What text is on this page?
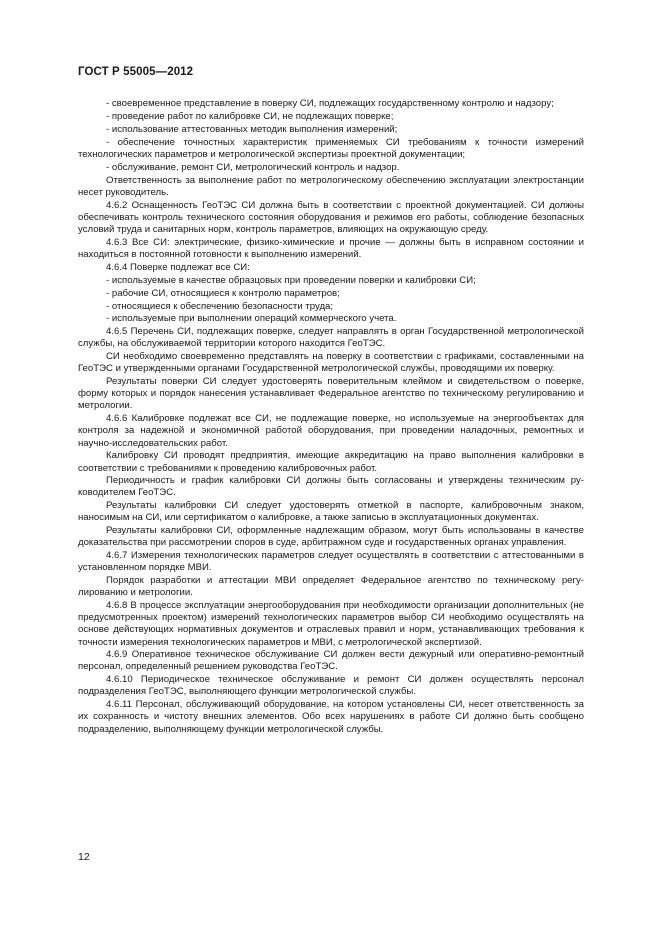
ГОСТ Р 55005—2012

- своевременное представление в поверку СИ, подлежащих государственному контролю и надзору;

- проведение работ по калибровке СИ, не подлежащих поверке;

- использование аттестованных методик выполнения измерений;

- обеспечение точностных характеристик применяемых СИ требованиям к точности измерений технологических параметров и метрологической экспертизы проектной документации;

- обслуживание, ремонт СИ, метрологический контроль и надзор.

Ответственность за выполнение работ по метрологическому обеспечению эксплуатации электростанции несет руководитель.

4.6.2 Оснащенность ГеоТЭС СИ должна быть в соответствии с проектной документацией. СИ должны обеспечивать контроль технического состояния оборудования и режимов его работы, соблюдение безопасных условий труда и санитарных норм, контроль параметров, влияющих на окружающую среду.

4.6.3 Все СИ: электрические, физико-химические и прочие — должны быть в исправном состоянии и находиться в постоянной готовности к выполнению измерений.

4.6.4 Поверке подлежат все СИ:

- используемые в качестве образцовых при проведении поверки и калибровки СИ;

- рабочие СИ, относящиеся к контролю параметров;

- относящиеся к обеспечению безопасности труда;

- используемые при выполнении операций коммерческого учета.

4.6.5 Перечень СИ, подлежащих поверке, следует направлять в орган Государственной метрологической службы, на обслуживаемой территории которого находится ГеоТЭС.

СИ необходимо своевременно представлять на поверку в соответствии с графиками, составленными на ГеоТЭС и утвержденными органами Государственной метрологической службы, проводящими их поверку.

Результаты поверки СИ следует удостоверять поверительным клеймом и свидетельством о поверке, форму которых и порядок нанесения устанавливает Федеральное агентство по техническому регулированию и метрологии.

4.6.6 Калибровке подлежат все СИ, не подлежащие поверке, но используемые на энергообъектах для контроля за надежной и экономичной работой оборудования, при проведении наладочных, ремонтных и научно-исследовательских работ.

Калибровку СИ проводят предприятия, имеющие аккредитацию на право выполнения калибровки в соответствии с требованиями к проведению калибровочных работ.

Периодичность и график калибровки СИ должны быть согласованы и утверждены техническим руководителем ГеоТЭС.

Результаты калибровки СИ следует удостоверять отметкой в паспорте, калибровочным знаком, наносимым на СИ, или сертификатом о калибровке, а также записью в эксплуатационных документах.

Результаты калибровки СИ, оформленные надлежащим образом, могут быть использованы в качестве доказательства при рассмотрении споров в суде, арбитражном суде и государственных органах управления.

4.6.7 Измерения технологических параметров следует осуществлять в соответствии с аттестованными в установленном порядке МВИ.

Порядок разработки и аттестации МВИ определяет Федеральное агентство по техническому регулированию и метрологии.

4.6.8 В процессе эксплуатации энергооборудования при необходимости организации дополнительных (не предусмотренных проектом) измерений технологических параметров выбор СИ необходимо осуществлять на основе действующих нормативных документов и отраслевых правил и норм, устанавливающих требования к точности измерения технологических параметров и МВИ, с метрологической экспертизой.

4.6.9 Оперативное техническое обслуживание СИ должен вести дежурный или оперативно-ремонтный персонал, определенный решением руководства ГеоТЭС.

4.6.10 Периодическое техническое обслуживание и ремонт СИ должен осуществлять персонал подразделения ГеоТЭС, выполняющего функции метрологической службы.

4.6.11 Персонал, обслуживающий оборудование, на котором установлены СИ, несет ответственность за их сохранность и чистоту внешних элементов. Обо всех нарушениях в работе СИ должно быть сообщено подразделению, выполняющему функции метрологической службы.

12
